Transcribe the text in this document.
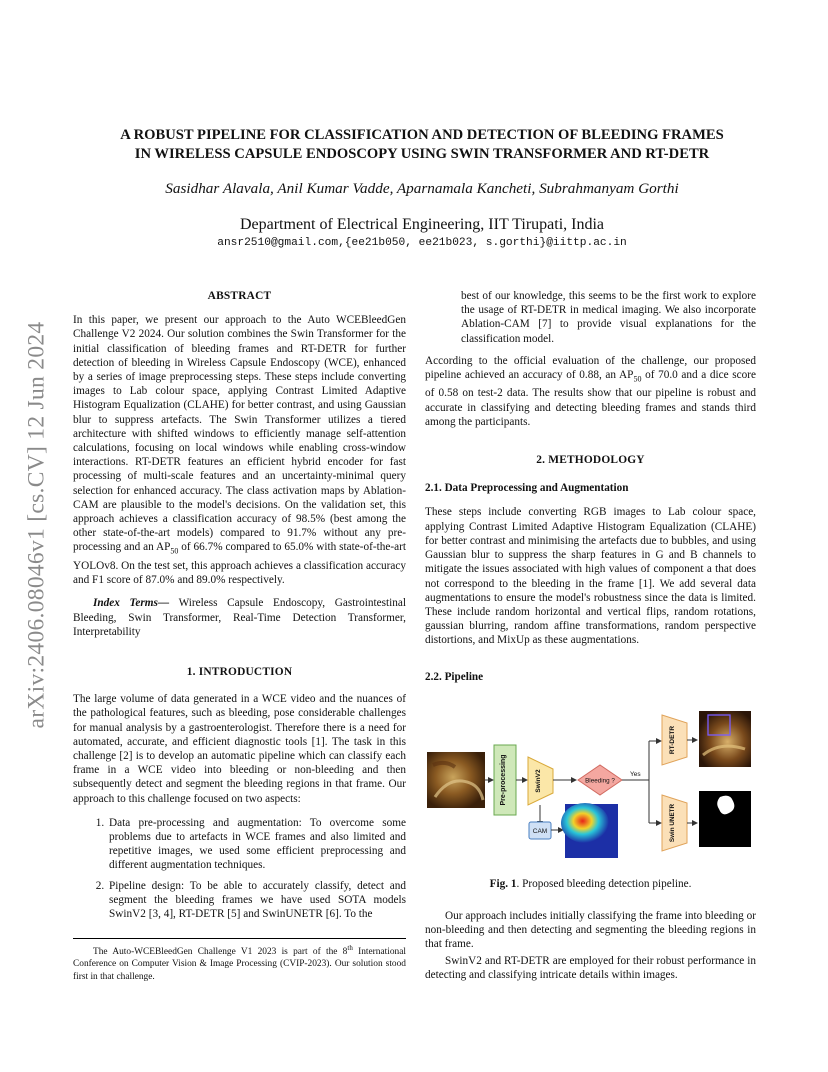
arXiv:2406.08046v1 [cs.CV] 12 Jun 2024
A ROBUST PIPELINE FOR CLASSIFICATION AND DETECTION OF BLEEDING FRAMES
IN WIRELESS CAPSULE ENDOSCOPY USING SWIN TRANSFORMER AND RT-DETR
Sasidhar Alavala, Anil Kumar Vadde, Aparnamala Kancheti, Subrahmanyam Gorthi
Department of Electrical Engineering, IIT Tirupati, India
ansr2510@gmail.com,{ee21b050, ee21b023, s.gorthi}@iittp.ac.in
ABSTRACT

In this paper, we present our approach to the Auto WCEBleedGen Challenge V2 2024. Our solution combines the Swin Transformer for the initial classification of bleeding frames and RT-DETR for further detection of bleeding in Wireless Capsule Endoscopy (WCE), enhanced by a series of image preprocessing steps. These steps include converting images to Lab colour space, applying Contrast Limited Adaptive Histogram Equalization (CLAHE) for better contrast, and using Gaussian blur to suppress artefacts. The Swin Transformer utilizes a tiered architecture with shifted windows to efficiently manage self-attention calculations, focusing on local windows while enabling cross-window interactions. RT-DETR features an efficient hybrid encoder for fast processing of multi-scale features and an uncertainty-minimal query selection for enhanced accuracy. The class activation maps by Ablation-CAM are plausible to the model's decisions. On the validation set, this approach achieves a classification accuracy of 98.5% (best among the other state-of-the-art models) compared to 91.7% without any pre-processing and an $AP_{50}$ of 66.7% compared to 65.0% with state-of-the-art YOLOv8. On the test set, this approach achieves a classification accuracy and F1 score of 87.0% and 89.0% respectively.

Index Terms— Wireless Capsule Endoscopy, Gastrointestinal Bleeding, Swin Transformer, Real-Time Detection Transformer, Interpretability

1. INTRODUCTION

The large volume of data generated in a WCE video and the nuances of the pathological features, such as bleeding, pose considerable challenges for manual analysis by a gastroenterologist. Therefore there is a need for automated, accurate, and efficient diagnostic tools [1]. The task in this challenge [2] is to develop an automatic pipeline which can classify each frame in a WCE video into bleeding or non-bleeding and then subsequently detect and segment the bleeding regions in that frame. Our approach to this challenge focused on two aspects:

1. Data pre-processing and augmentation: To overcome some problems due to artefacts in WCE frames and also limited and repetitive images, we used some efficient preprocessing and different augmentation techniques.
2. Pipeline design: To be able to accurately classify, detect and segment the bleeding frames we have used SOTA models SwinV2 [3, 4], RT-DETR [5] and SwinUNETR [6]. To the

The Auto-WCEBleedGen Challenge V1 2023 is part of the 8th International Conference on Computer Vision & Image Processing (CVIP-2023). Our solution stood first in that challenge.

best of our knowledge, this seems to be the first work to explore the usage of RT-DETR in medical imaging. We also incorporate Ablation-CAM [7] to provide visual explanations for the classification model.

According to the official evaluation of the challenge, our proposed pipeline achieved an accuracy of 0.88, an $AP_{50}$ of 70.0 and a dice score of 0.58 on test-2 data. The results show that our pipeline is robust and accurate in classifying and detecting bleeding frames and stands third among the participants.

2. METHODOLOGY
2.1. Data Preprocessing and Augmentation

These steps include converting RGB images to Lab colour space, applying Contrast Limited Adaptive Histogram Equalization (CLAHE) for better contrast and minimising the artefacts due to bubbles, and using Gaussian blur to suppress the sharp features in G and B channels to mitigate the issues associated with high values of component a that does not correspond to the bleeding in the frame [1]. We add several data augmentations to ensure the model's robustness since the data is limited. These include random horizontal and vertical flips, random rotations, gaussian blurring, random affine transformations, random perspective distortions, and MixUp as these augmentations.

2.2. Pipeline
Pre-processing	SwinV2	Bleeding ?
Yes
CAM
RT-DETR
Swin UNETR
Fig. 1. Proposed bleeding detection pipeline.

Our approach includes initially classifying the frame into bleeding or non-bleeding and then detecting and segmenting the bleeding regions in that frame.

SwinV2 and RT-DETR are employed for their robust performance in detecting and classifying intricate details within images.
